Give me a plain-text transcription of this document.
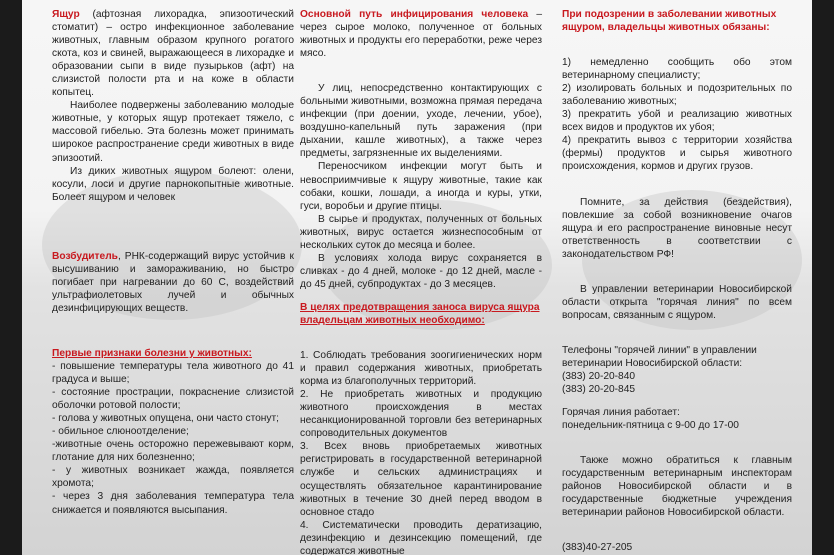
Ящур (афтозная лихорадка, эпизоотический стоматит) – остро инфекционное заболевание животных, главным образом крупного рогатого скота, коз и свиней, выражающееся в лихорадке и образовании сыпи в виде пузырьков (афт) на слизистой полости рта и на коже в области копытец.

Наиболее подвержены заболеванию молодые животные, у которых ящур протекает тяжело, с массовой гибелью. Эта болезнь может принимать широкое распространение среди животных в виде эпизоотий.

Из диких животных ящуром болеют: олени, косули, лоси и другие парнокопытные животные. Болеет ящуром и человек

Возбудитель, РНК-содержащий вирус устойчив к высушиванию и замораживанию, но быстро погибает при нагревании до 60 С, воздействий ультрафиолетовых лучей и обычных дезинфицирующих веществ.

Первые признаки болезни у животных:

- повышение температуры тела животного до 41 градуса и выше;

- состояние прострации, покраснение слизистой оболочки ротовой полости;

- голова у животных опущена, они часто стонут;

- обильное слюноотделение;

-животные очень осторожно пережевывают корм, глотание для них болезненно;

- у животных возникает жажда, появляется хромота;

- через 3 дня заболевания температура тела снижается и появляются высыпания.

Основной путь инфицирования человека – через сырое молоко, полученное от больных животных и продукты его переработки, реже через мясо.

У лиц, непосредственно контактирующих с больными животными, возможна прямая передача инфекции (при доении, уходе, лечении, убое), воздушно-капельный путь заражения (при дыхании, кашле животных), а также через предметы, загрязненные их выделениями.

Переносчиком инфекции могут быть и невосприимчивые к ящуру животные, такие как собаки, кошки, лошади, а иногда и куры, утки, гуси, воробьи и другие птицы.

В сырье и продуктах, полученных от больных животных, вирус остается жизнеспособным от нескольких суток до месяца и более.

В условиях холода вирус сохраняется в сливках - до 4 дней, молоке - до 12 дней, масле - до 45 дней, субпродуктах - до 3 месяцев.

В целях предотвращения заноса вируса ящура владельцам животных необходимо:

1. Соблюдать требования зоогигиенических норм и правил содержания животных, приобретать корма из благополучных территорий.

2. Не приобретать животных и продукцию животного происхождения в местах несанкционированной торговли без ветеринарных сопроводительных документов

3. Всех вновь приобретаемых животных регистрировать в государственной ветеринарной службе и сельских администрациях и осуществлять обязательное карантинирование животных в течение 30 дней перед вводом в основное стадо

4. Систематически проводить дератизацию, дезинфекцию и дезинсекцию помещений, где содержатся животные

При подозрении в заболевании животных ящуром, владельцы животных обязаны:

1) немедленно сообщить обо этом ветеринарному специалисту;

2) изолировать больных и подозрительных по заболеванию животных;

3) прекратить убой и реализацию животных всех видов и продуктов их убоя;

4) прекратить вывоз с территории хозяйства (фермы) продуктов и сырья животного происхождения, кормов и других грузов.

Помните, за действия (бездействия), повлекшие за собой возникновение очагов ящура и его распространение виновные несут ответственность в соответствии с законодательством РФ!

В управлении ветеринарии Новосибирской области открыта "горячая линия" по всем вопросам, связанным с ящуром.

Телефоны "горячей линии" в управлении ветеринарии Новосибирской области:

(383) 20-20-840

(383) 20-20-845

Горячая линия работает:

понедельник-пятница с 9-00 до 17-00

Также можно обратиться к главным государственным ветеринарным инспекторам районов Новосибирской области и в государственные бюджетные учреждения ветеринарии районов Новосибирской области.

(383)40-27-205
